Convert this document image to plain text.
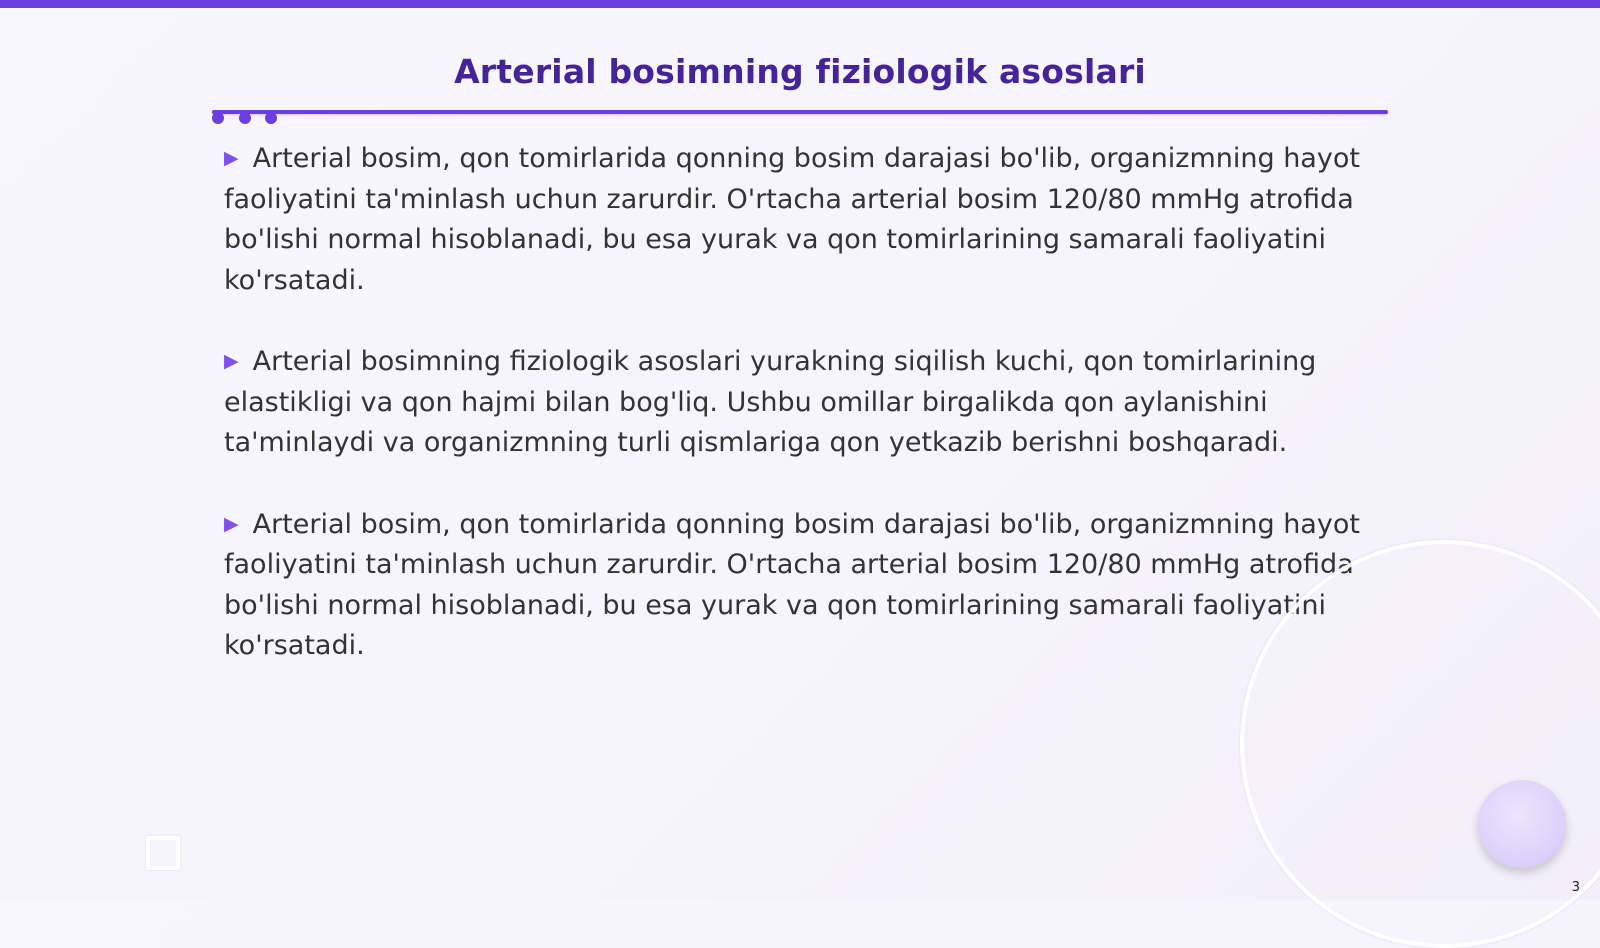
Arterial bosimning fiziologik asoslari

▶ Arterial bosim, qon tomirlarida qonning bosim darajasi bo'lib, organizmning hayot faoliyatini ta'minlash uchun zarurdir. O'rtacha arterial bosim 120/80 mmHg atrofida bo'lishi normal hisoblanadi, bu esa yurak va qon tomirlarining samarali faoliyatini ko'rsatadi.

▶ Arterial bosimning fiziologik asoslari yurakning siqilish kuchi, qon tomirlarining elastikligi va qon hajmi bilan bog'liq. Ushbu omillar birgalikda qon aylanishini ta'minlaydi va organizmning turli qismlariga qon yetkazib berishni boshqaradi.

▶ Arterial bosim, qon tomirlarida qonning bosim darajasi bo'lib, organizmning hayot faoliyatini ta'minlash uchun zarurdir. O'rtacha arterial bosim 120/80 mmHg atrofida bo'lishi normal hisoblanadi, bu esa yurak va qon tomirlarining samarali faoliyatini ko'rsatadi.

3
